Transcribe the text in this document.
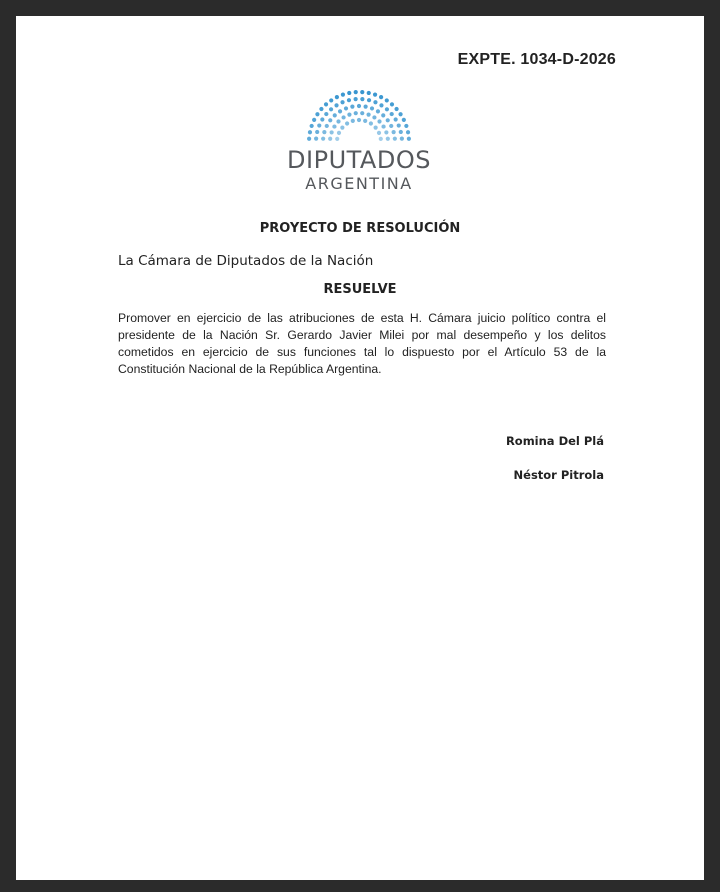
EXPTE. 1034-D-2026
DIPUTADOS
ARGENTINA
PROYECTO DE RESOLUCIÓN
La Cámara de Diputados de la Nación
RESUELVE
Promover en ejercicio de las atribuciones de esta H. Cámara juicio político contra el presidente de la Nación Sr. Gerardo Javier Milei por mal desempeño y los delitos cometidos en ejercicio de sus funciones tal lo dispuesto por el Artículo 53 de la Constitución Nacional de la República Argentina.
Romina Del Plá
Néstor Pitrola
